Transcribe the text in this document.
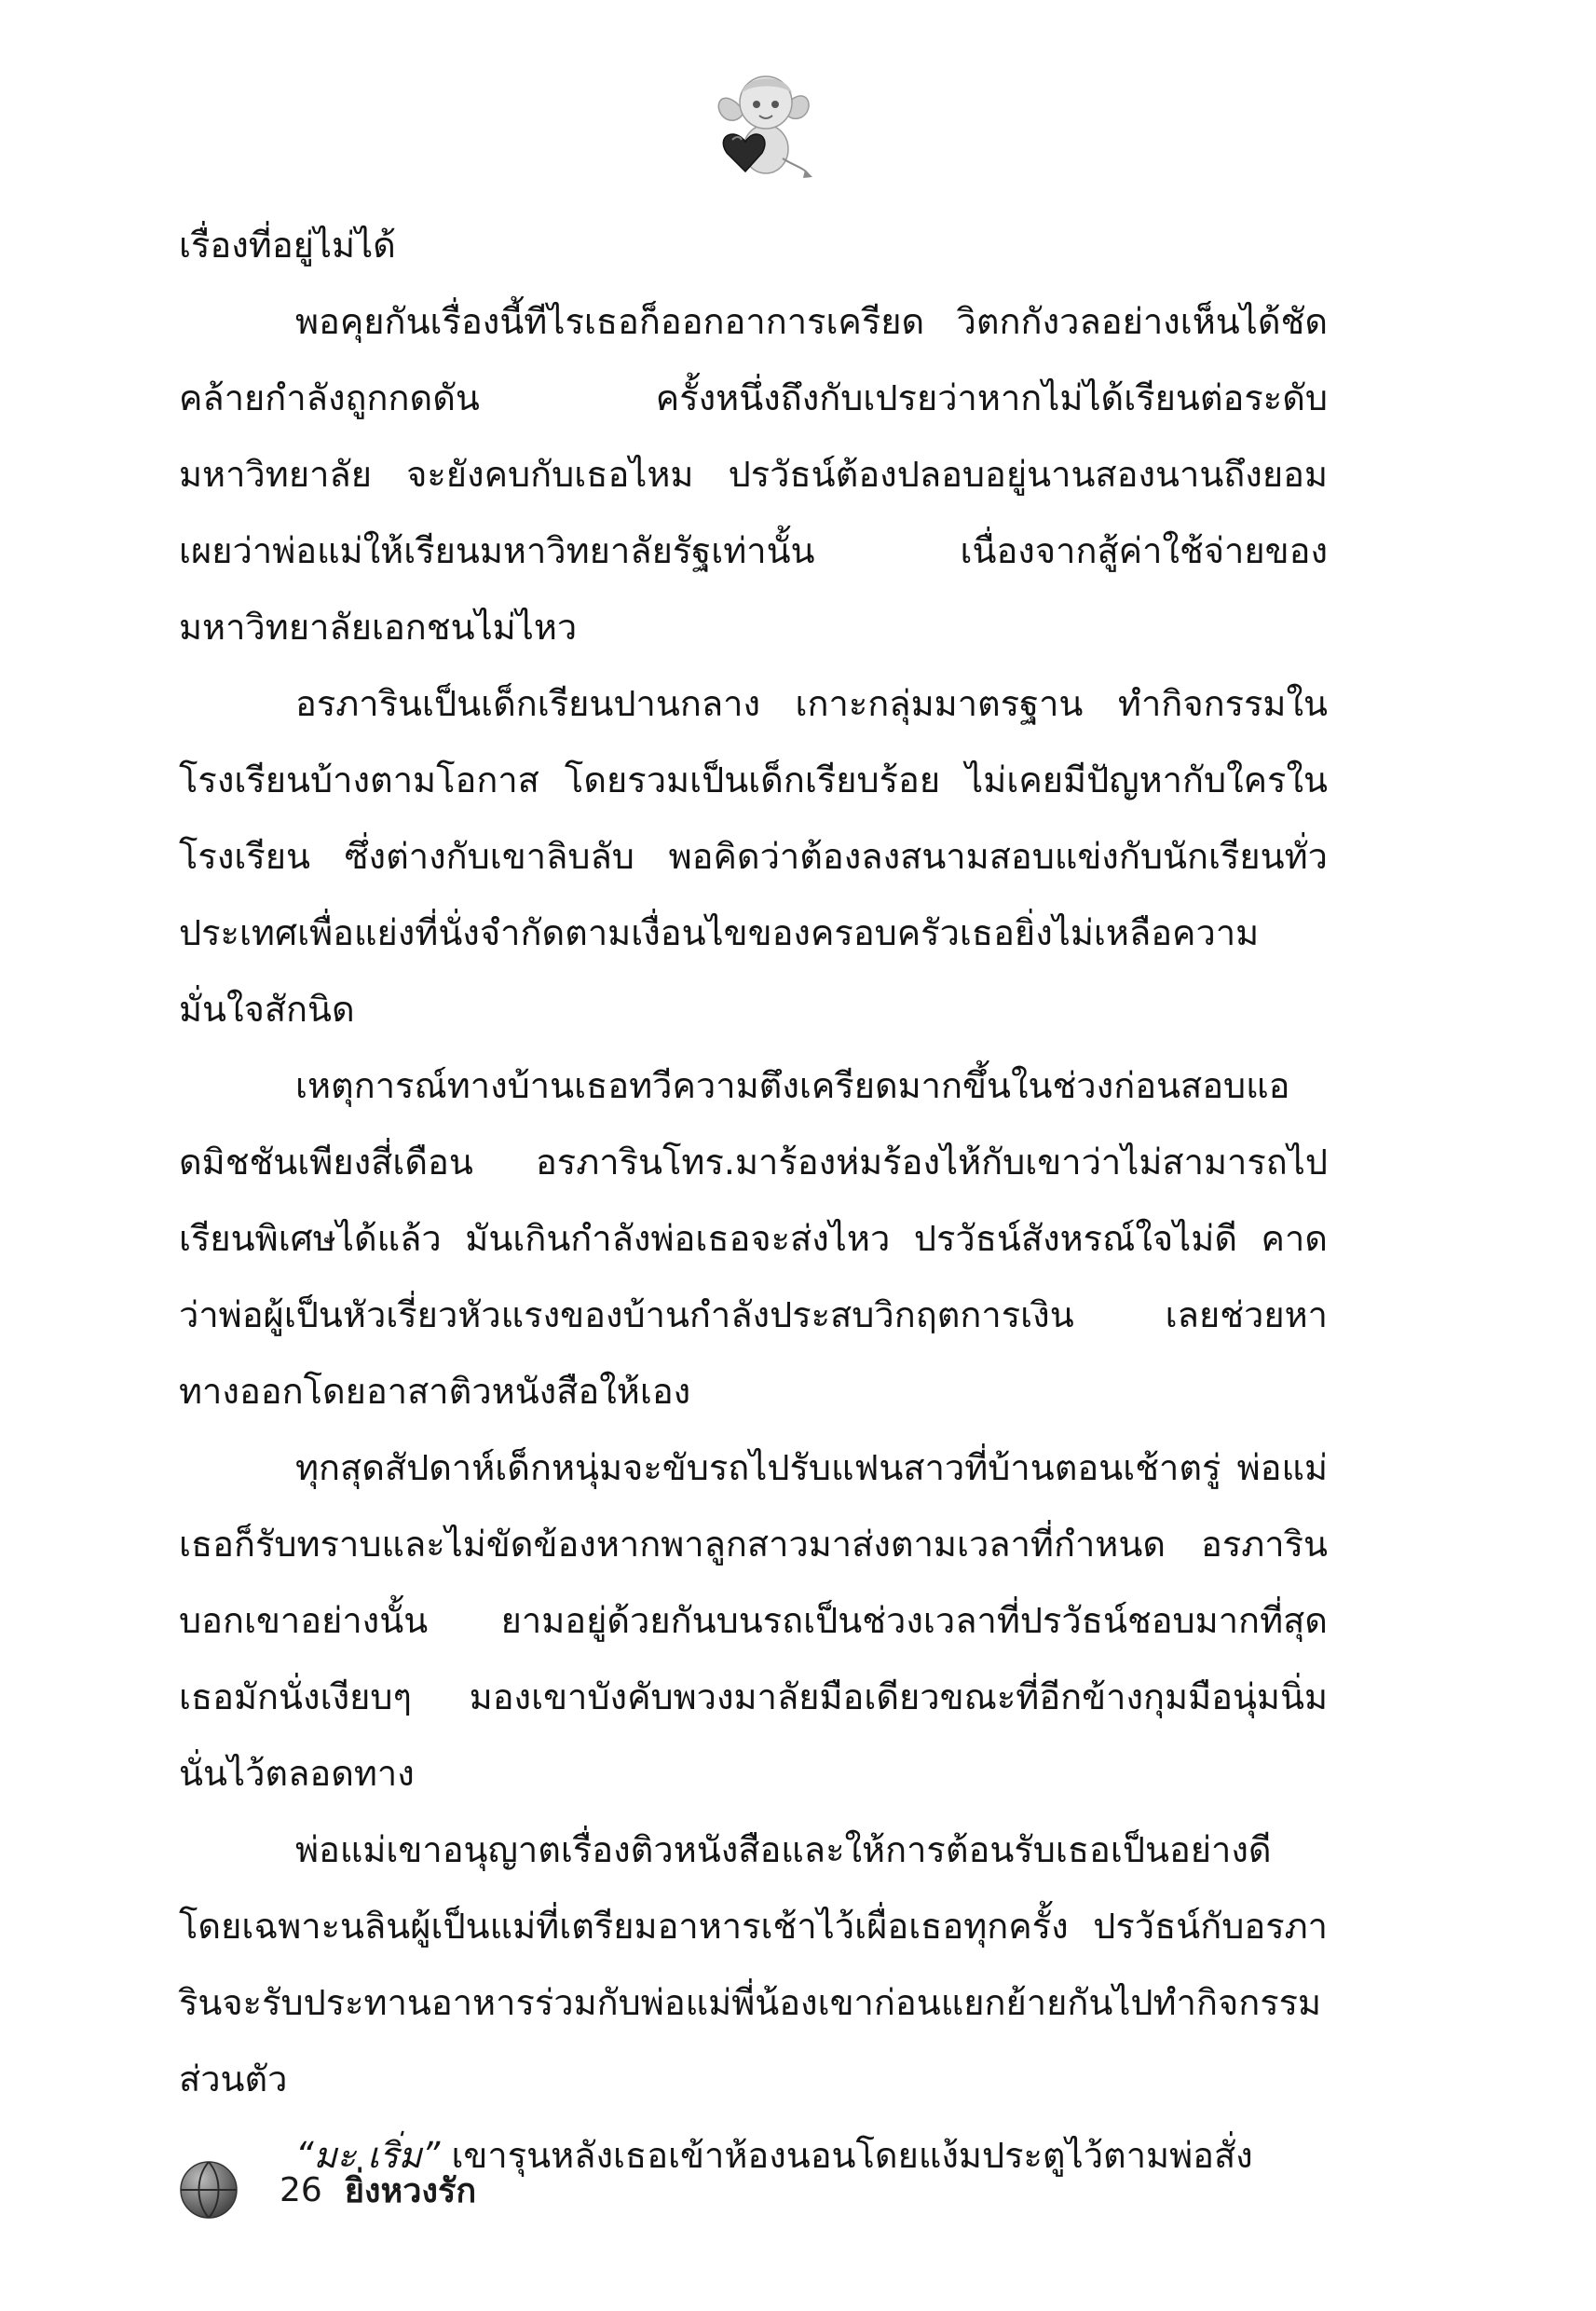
เรื่องที่อยู่ไม่ได้

พอคุยกันเรื่องนี้ทีไรเธอก็ออกอาการเครียด วิตกกังวลอย่างเห็นได้ชัดคล้ายกำลังถูกกดดัน ครั้งหนึ่งถึงกับเปรยว่าหากไม่ได้เรียนต่อระดับมหาวิทยาลัย จะยังคบกับเธอไหม ปรวัธน์ต้องปลอบอยู่นานสองนานถึงยอมเผยว่าพ่อแม่ให้เรียนมหาวิทยาลัยรัฐเท่านั้น เนื่องจากสู้ค่าใช้จ่ายของมหาวิทยาลัยเอกชนไม่ไหว

อรภารินเป็นเด็กเรียนปานกลาง เกาะกลุ่มมาตรฐาน ทำกิจกรรมในโรงเรียนบ้างตามโอกาส โดยรวมเป็นเด็กเรียบร้อย ไม่เคยมีปัญหากับใครในโรงเรียน ซึ่งต่างกับเขาลิบลับ พอคิดว่าต้องลงสนามสอบแข่งกับนักเรียนทั่วประเทศเพื่อแย่งที่นั่งจำกัดตามเงื่อนไขของครอบครัวเธอยิ่งไม่เหลือความมั่นใจสักนิด

เหตุการณ์ทางบ้านเธอทวีความตึงเครียดมากขึ้นในช่วงก่อนสอบแอดมิชชันเพียงสี่เดือน อรภารินโทร.มาร้องห่มร้องไห้กับเขาว่าไม่สามารถไปเรียนพิเศษได้แล้ว มันเกินกำลังพ่อเธอจะส่งไหว ปรวัธน์สังหรณ์ใจไม่ดี คาดว่าพ่อผู้เป็นหัวเรี่ยวหัวแรงของบ้านกำลังประสบวิกฤตการเงิน เลยช่วยหาทางออกโดยอาสาติวหนังสือให้เอง

ทุกสุดสัปดาห์เด็กหนุ่มจะขับรถไปรับแฟนสาวที่บ้านตอนเช้าตรู่ พ่อแม่เธอก็รับทราบและไม่ขัดข้องหากพาลูกสาวมาส่งตามเวลาที่กำหนด อรภารินบอกเขาอย่างนั้น ยามอยู่ด้วยกันบนรถเป็นช่วงเวลาที่ปรวัธน์ชอบมากที่สุด เธอมักนั่งเงียบๆ มองเขาบังคับพวงมาลัยมือเดียวขณะที่อีกข้างกุมมือนุ่มนิ่มนั่นไว้ตลอดทาง

พ่อแม่เขาอนุญาตเรื่องติวหนังสือและให้การต้อนรับเธอเป็นอย่างดี โดยเฉพาะนลินผู้เป็นแม่ที่เตรียมอาหารเช้าไว้เผื่อเธอทุกครั้ง ปรวัธน์กับอรภารินจะรับประทานอาหารร่วมกับพ่อแม่พี่น้องเขาก่อนแยกย้ายกันไปทำกิจกรรมส่วนตัว

“มะ เริ่ม” เขารุนหลังเธอเข้าห้องนอนโดยแง้มประตูไว้ตามพ่อสั่ง

26 ยิ่งหวงรัก
